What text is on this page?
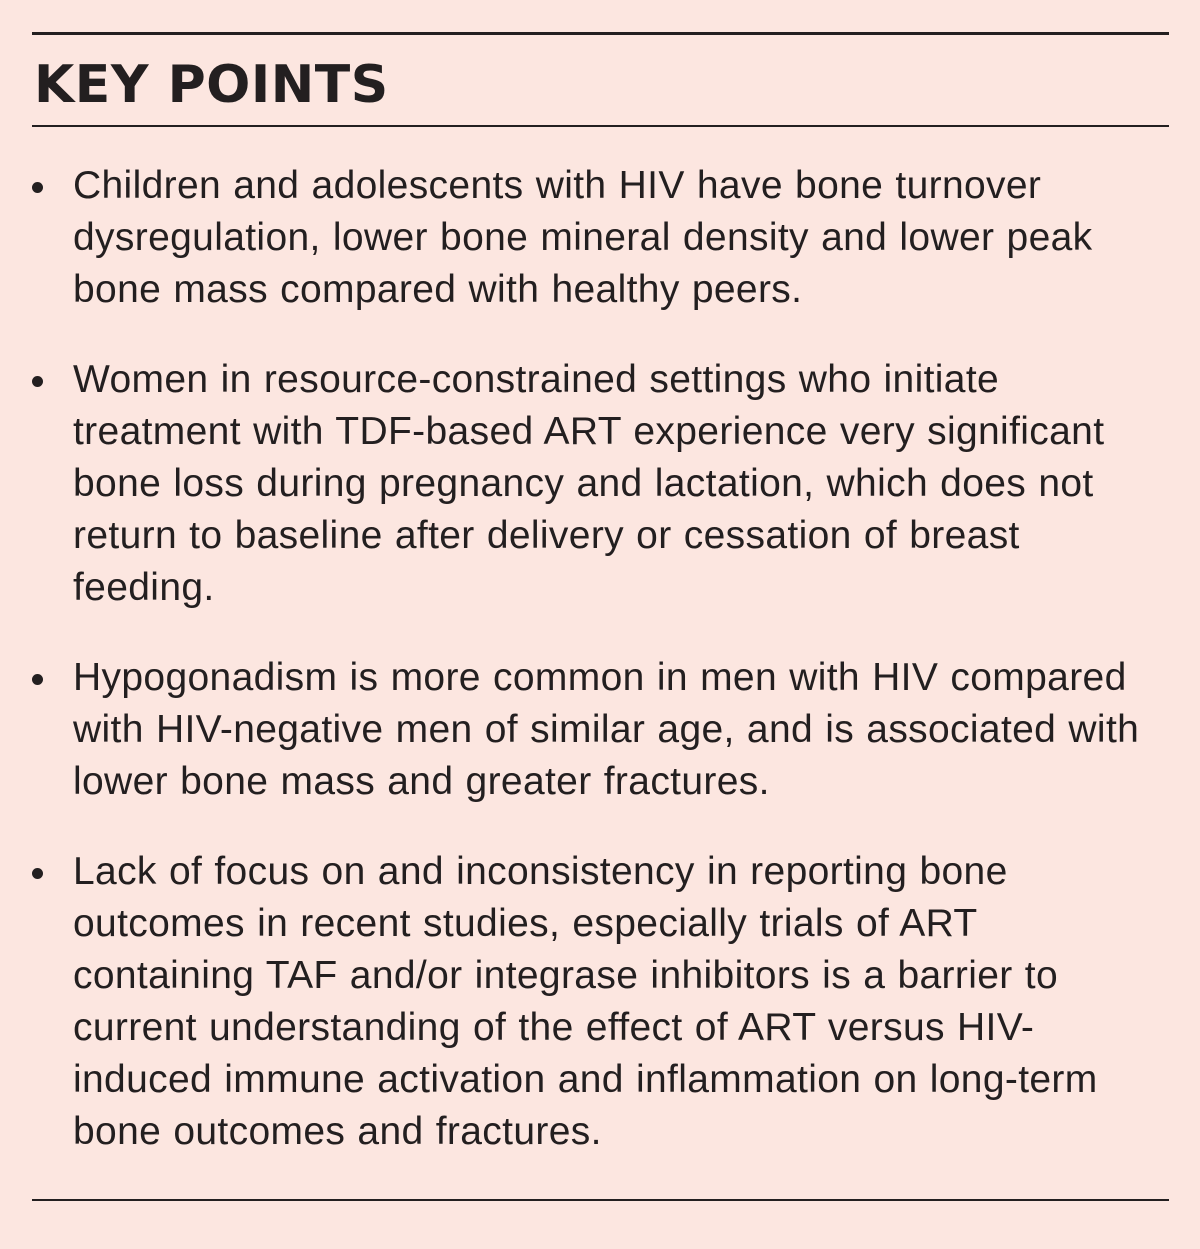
KEY POINTS
Children and adolescents with HIV have bone turnover dysregulation, lower bone mineral density and lower peak bone mass compared with healthy peers.
Women in resource-constrained settings who initiate treatment with TDF-based ART experience very significant bone loss during pregnancy and lactation, which does not return to baseline after delivery or cessation of breast feeding.
Hypogonadism is more common in men with HIV compared with HIV-negative men of similar age, and is associated with lower bone mass and greater fractures.
Lack of focus on and inconsistency in reporting bone outcomes in recent studies, especially trials of ART containing TAF and/or integrase inhibitors is a barrier to current understanding of the effect of ART versus HIV-induced immune activation and inflammation on long-term bone outcomes and fractures.
